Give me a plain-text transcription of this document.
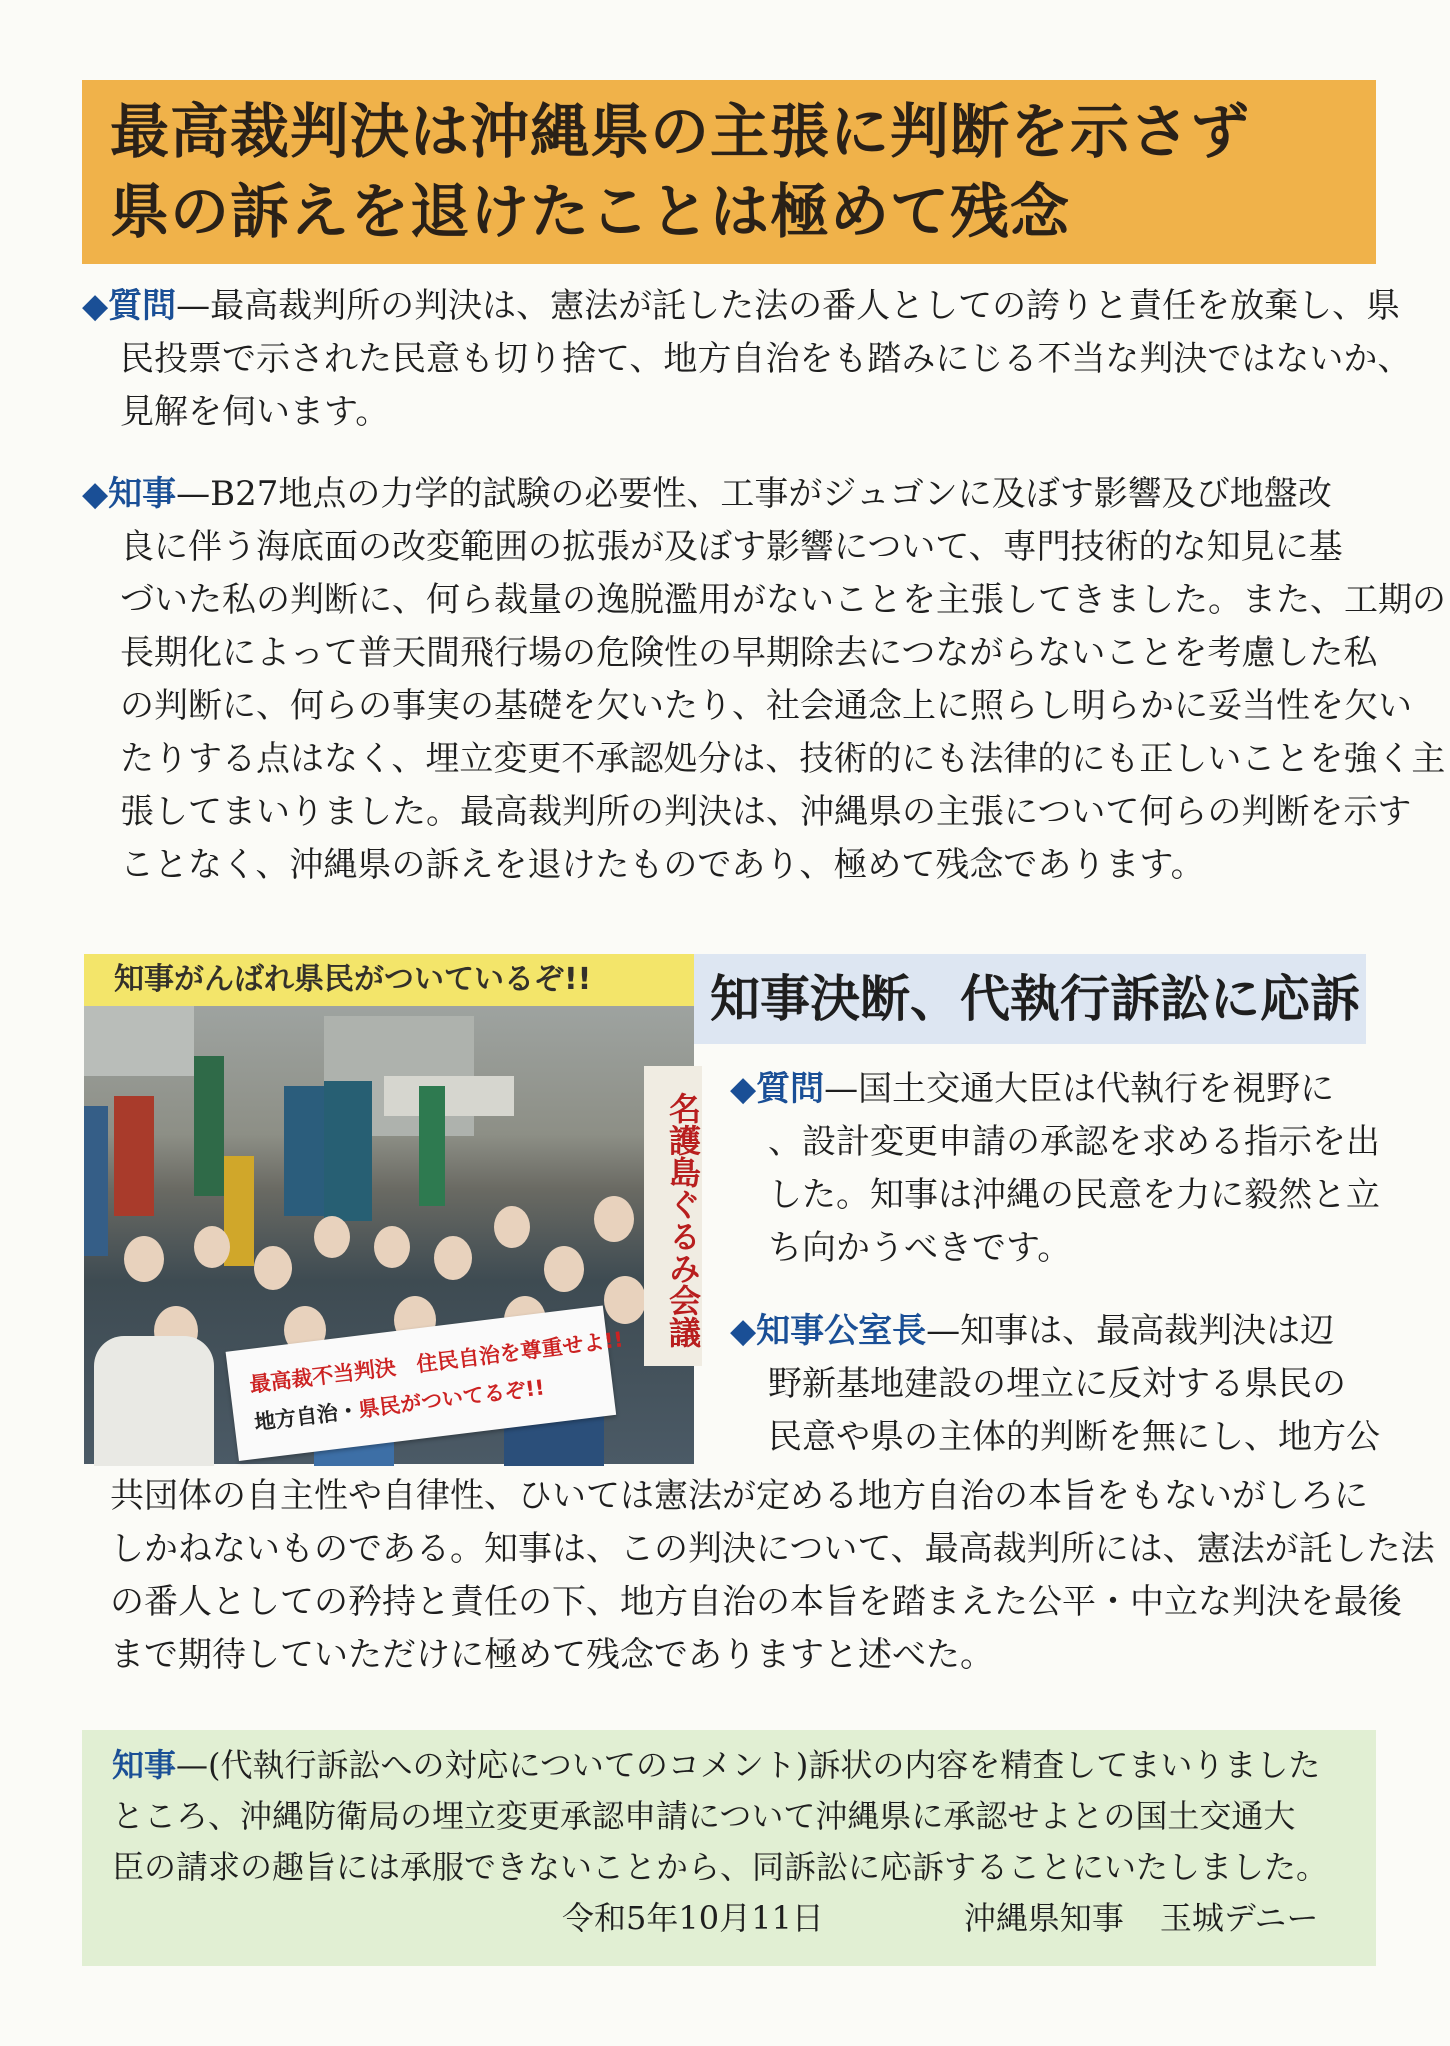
最高裁判決は沖縄県の主張に判断を示さず
県の訴えを退けたことは極めて残念
◆質問—最高裁判所の判決は、憲法が託した法の番人としての誇りと責任を放棄し、県
民投票で示された民意も切り捨て、地方自治をも踏みにじる不当な判決ではないか、
見解を伺います。
◆知事—B27地点の力学的試験の必要性、工事がジュゴンに及ぼす影響及び地盤改
良に伴う海底面の改変範囲の拡張が及ぼす影響について、専門技術的な知見に基
づいた私の判断に、何ら裁量の逸脱濫用がないことを主張してきました。また、工期の
長期化によって普天間飛行場の危険性の早期除去につながらないことを考慮した私
の判断に、何らの事実の基礎を欠いたり、社会通念上に照らし明らかに妥当性を欠い
たりする点はなく、埋立変更不承認処分は、技術的にも法律的にも正しいことを強く主
張してまいりました。最高裁判所の判決は、沖縄県の主張について何らの判断を示す
ことなく、沖縄県の訴えを退けたものであり、極めて残念であります。
知事がんばれ県民がついているぞ!!
名護島ぐるみ会議
最高裁不当判決　 住民自治を尊重せよ!!
地方自治・県民がついてるぞ!!
知事決断、代執行訴訟に応訴
◆質問—国土交通大臣は代執行を視野に
、設計変更申請の承認を求める指示を出
した。知事は沖縄の民意を力に毅然と立
ち向かうべきです。
◆知事公室長—知事は、最高裁判決は辺
野新基地建設の埋立に反対する県民の
民意や県の主体的判断を無にし、地方公
共団体の自主性や自律性、ひいては憲法が定める地方自治の本旨をもないがしろに
しかねないものである。知事は、この判決について、最高裁判所には、憲法が託した法
の番人としての矜持と責任の下、地方自治の本旨を踏まえた公平・中立な判決を最後
まで期待していただけに極めて残念でありますと述べた。
知事—(代執行訴訟への対応についてのコメント)訴状の内容を精査してまいりました
ところ、沖縄防衛局の埋立変更承認申請について沖縄県に承認せよとの国土交通大
臣の請求の趣旨には承服できないことから、同訴訟に応訴することにいたしました。
令和5年10月11日	沖縄県知事 玉城デニー
